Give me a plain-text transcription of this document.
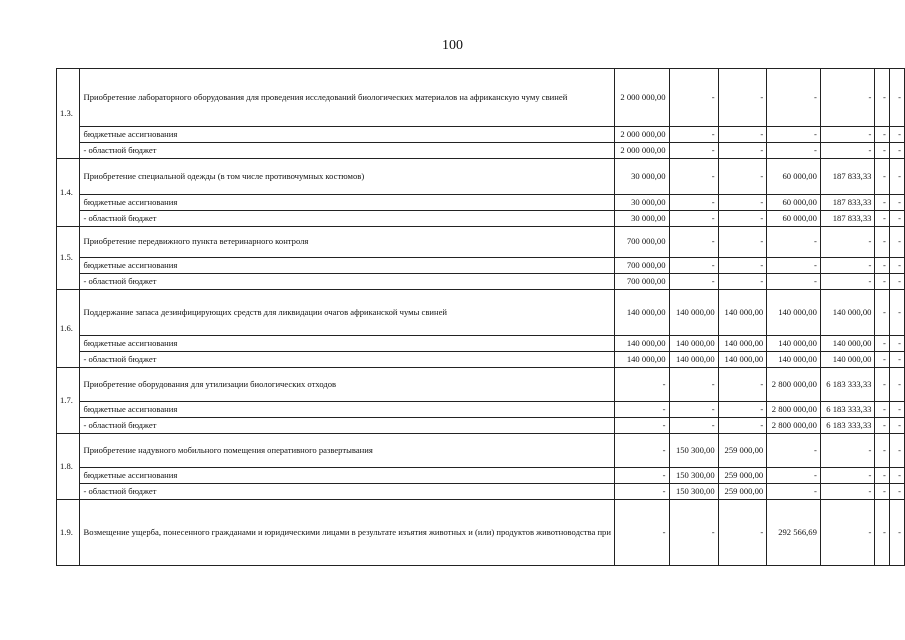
100
1.3.	Приобретение лабораторного оборудования для проведения исследований биологических материалов на африканскую чуму свиней	2 000 000,00	-	-	-	-	-	-
	бюджетные ассигнования	2 000 000,00	-	-	-	-	-	-
	- областной бюджет	2 000 000,00	-	-	-	-	-	-
1.4.	Приобретение специальной одежды (в том числе противочумных костюмов)	30 000,00	-	-	60 000,00	187 833,33	-	-
	бюджетные ассигнования	30 000,00	-	-	60 000,00	187 833,33	-	-
	- областной бюджет	30 000,00	-	-	60 000,00	187 833,33	-	-
1.5.	Приобретение передвижного пункта ветеринарного контроля	700 000,00	-	-	-	-	-	-
	бюджетные ассигнования	700 000,00	-	-	-	-	-	-
	- областной бюджет	700 000,00	-	-	-	-	-	-
1.6.	Поддержание запаса дезинфицирующих средств для ликвидации очагов африканской чумы свиней	140 000,00	140 000,00	140 000,00	140 000,00	140 000,00	-	-
	бюджетные ассигнования	140 000,00	140 000,00	140 000,00	140 000,00	140 000,00	-	-
	- областной бюджет	140 000,00	140 000,00	140 000,00	140 000,00	140 000,00	-	-
1.7.	Приобретение оборудования для утилизации биологических отходов	-	-	-	2 800 000,00	6 183 333,33	-	-
	бюджетные ассигнования	-	-	-	2 800 000,00	6 183 333,33	-	-
	- областной бюджет	-	-	-	2 800 000,00	6 183 333,33	-	-
1.8.	Приобретение надувного мобильного помещения оперативного развертывания	-	150 300,00	259 000,00	-	-	-	-
	бюджетные ассигнования	-	150 300,00	259 000,00	-	-	-	-
	- областной бюджет	-	150 300,00	259 000,00	-	-	-	-
1.9.	Возмещение ущерба, понесенного гражданами и юридическими лицами в результате изъятия животных и (или) продуктов животноводства при	-	-	-	292 566,69	-	-	-
